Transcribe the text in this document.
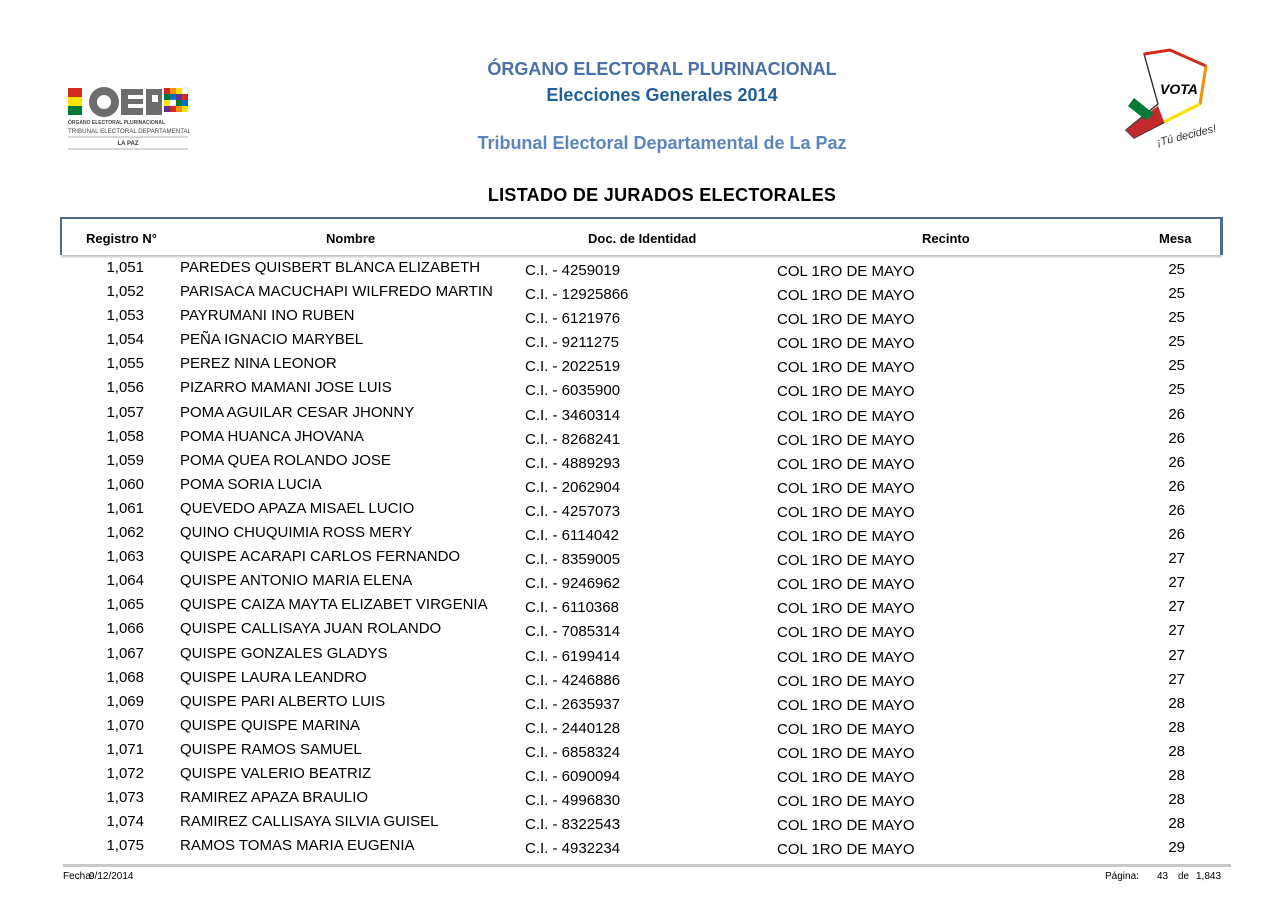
ÓRGANO ELECTORAL PLURINACIONAL
TRIBUNAL ELECTORAL DEPARTAMENTAL
LA PAZ
VOTA
¡Tú decides!
ÓRGANO ELECTORAL PLURINACIONAL
Elecciones Generales 2014
Tribunal Electoral Departamental de La Paz
LISTADO DE JURADOS ELECTORALES
Registro N°	Nombre	Doc. de Identidad	Recinto	Mesa
1,051 PAREDES QUISBERT BLANCA ELIZABETH	C.I. - 4259019	COL 1RO DE MAYO	25
1,052 PARISACA MACUCHAPI WILFREDO MARTIN C.I. - 12925866	COL 1RO DE MAYO	25
1,053 PAYRUMANI INO RUBEN	C.I. - 6121976	COL 1RO DE MAYO	25
1,054 PEÑA IGNACIO MARYBEL	C.I. - 9211275	COL 1RO DE MAYO	25
1,055 PEREZ NINA LEONOR	C.I. - 2022519	COL 1RO DE MAYO	25
1,056 PIZARRO MAMANI JOSE LUIS	C.I. - 6035900	COL 1RO DE MAYO	25
1,057 POMA AGUILAR CESAR JHONNY	C.I. - 3460314	COL 1RO DE MAYO	26
1,058 POMA HUANCA JHOVANA	C.I. - 8268241	COL 1RO DE MAYO	26
1,059 POMA QUEA ROLANDO JOSE	C.I. - 4889293	COL 1RO DE MAYO	26
1,060 POMA SORIA LUCIA	C.I. - 2062904	COL 1RO DE MAYO	26
1,061 QUEVEDO APAZA MISAEL LUCIO	C.I. - 4257073	COL 1RO DE MAYO	26
1,062 QUINO CHUQUIMIA ROSS MERY	C.I. - 6114042	COL 1RO DE MAYO	26
1,063 QUISPE ACARAPI CARLOS FERNANDO	C.I. - 8359005	COL 1RO DE MAYO	27
1,064 QUISPE ANTONIO MARIA ELENA	C.I. - 9246962	COL 1RO DE MAYO	27
1,065 QUISPE CAIZA MAYTA ELIZABET VIRGENIA C.I. - 6110368	COL 1RO DE MAYO	27
1,066 QUISPE CALLISAYA JUAN ROLANDO	C.I. - 7085314	COL 1RO DE MAYO	27
1,067 QUISPE GONZALES GLADYS	C.I. - 6199414	COL 1RO DE MAYO	27
1,068 QUISPE LAURA LEANDRO	C.I. - 4246886	COL 1RO DE MAYO	27
1,069 QUISPE PARI ALBERTO LUIS	C.I. - 2635937	COL 1RO DE MAYO	28
1,070 QUISPE QUISPE MARINA	C.I. - 2440128	COL 1RO DE MAYO	28
1,071 QUISPE RAMOS SAMUEL	C.I. - 6858324	COL 1RO DE MAYO	28
1,072 QUISPE VALERIO BEATRIZ	C.I. - 6090094	COL 1RO DE MAYO	28
1,073 RAMIREZ APAZA BRAULIO	C.I. - 4996830	COL 1RO DE MAYO	28
1,074 RAMIREZ CALLISAYA SILVIA GUISEL	C.I. - 8322543	COL 1RO DE MAYO	28
1,075 RAMOS TOMAS MARIA EUGENIA	C.I. - 4932234	COL 1RO DE MAYO	29
Fecha:
9/12/2014	Página: 43 de 1,843
